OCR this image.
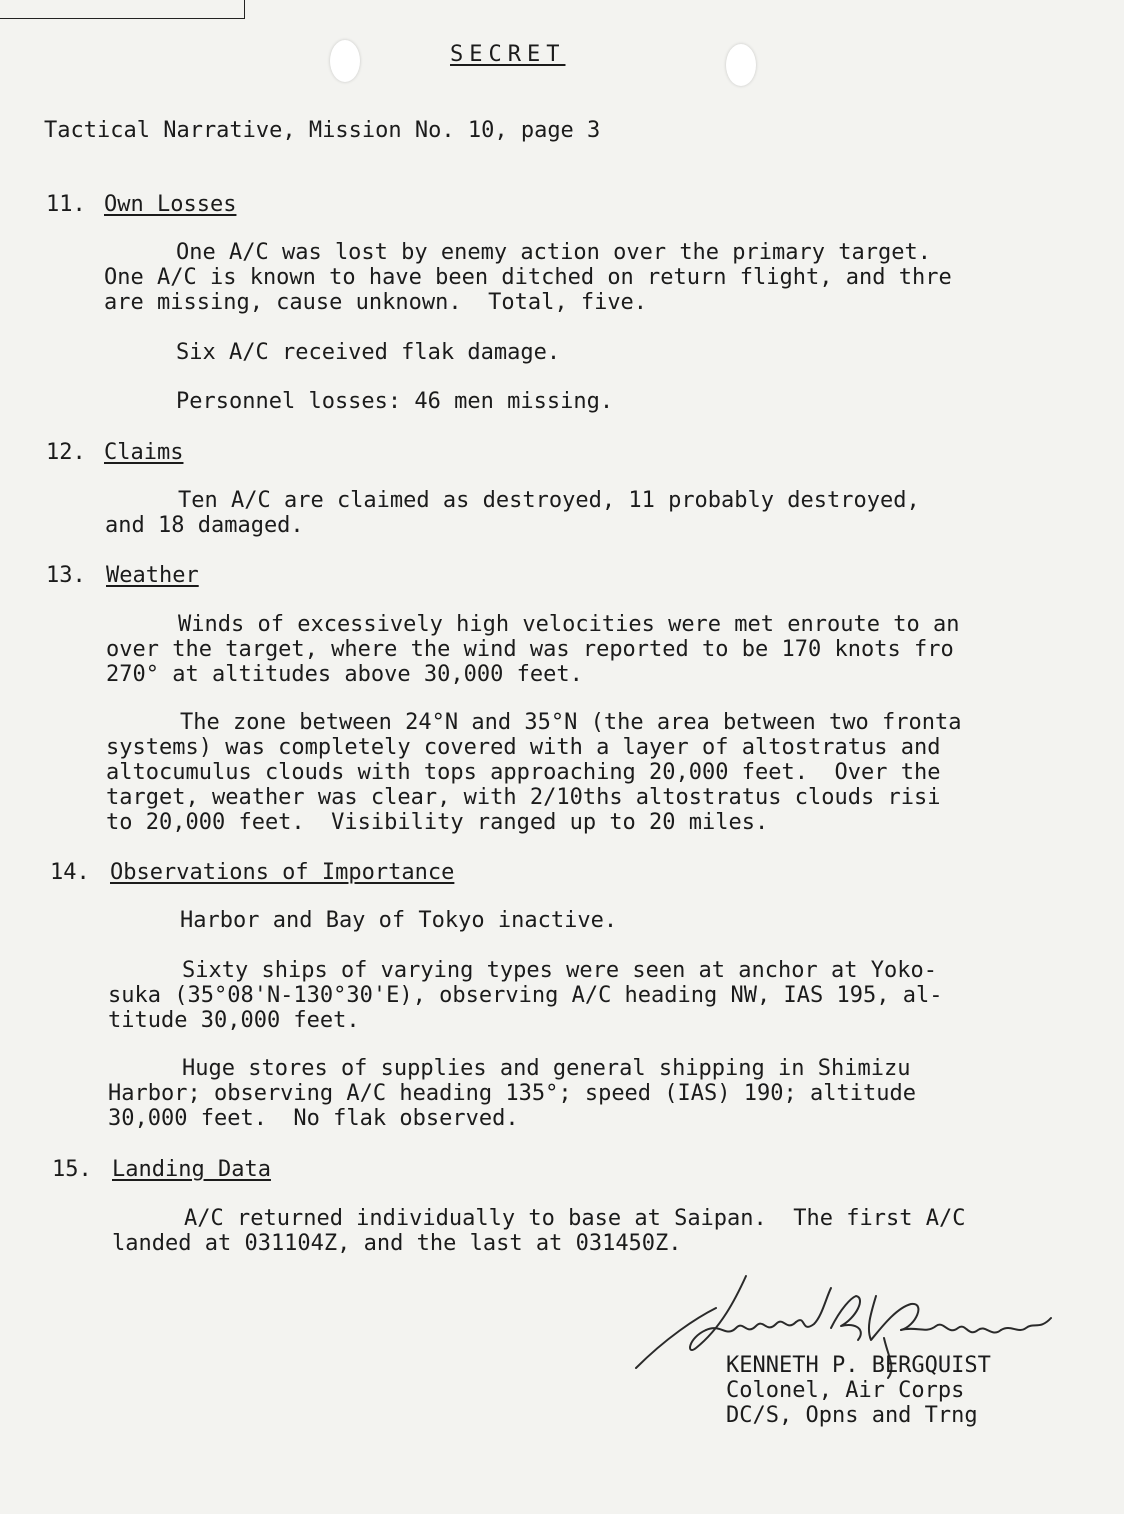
SECRET
Tactical Narrative, Mission No. 10, page 3
11. Own Losses
One A/C was lost by enemy action over the primary target.
One A/C is known to have been ditched on return flight, and thre
are missing, cause unknown.  Total, five.
Six A/C received flak damage.
Personnel losses: 46 men missing.
12. Claims
Ten A/C are claimed as destroyed, 11 probably destroyed,
and 18 damaged.
13. Weather
Winds of excessively high velocities were met enroute to an
over the target, where the wind was reported to be 170 knots fro
270° at altitudes above 30,000 feet.
The zone between 24°N and 35°N (the area between two fronta
systems) was completely covered with a layer of altostratus and
altocumulus clouds with tops approaching 20,000 feet.  Over the
target, weather was clear, with 2/10ths altostratus clouds risi
to 20,000 feet.  Visibility ranged up to 20 miles.
14. Observations of Importance
Harbor and Bay of Tokyo inactive.
Sixty ships of varying types were seen at anchor at Yoko-
suka (35°08'N-130°30'E), observing A/C heading NW, IAS 195, al-
titude 30,000 feet.
Huge stores of supplies and general shipping in Shimizu
Harbor; observing A/C heading 135°; speed (IAS) 190; altitude
30,000 feet.  No flak observed.
15. Landing Data
A/C returned individually to base at Saipan.  The first A/C
landed at 031104Z, and the last at 031450Z.
KENNETH P. BERGQUIST
Colonel, Air Corps
DC/S, Opns and Trng
